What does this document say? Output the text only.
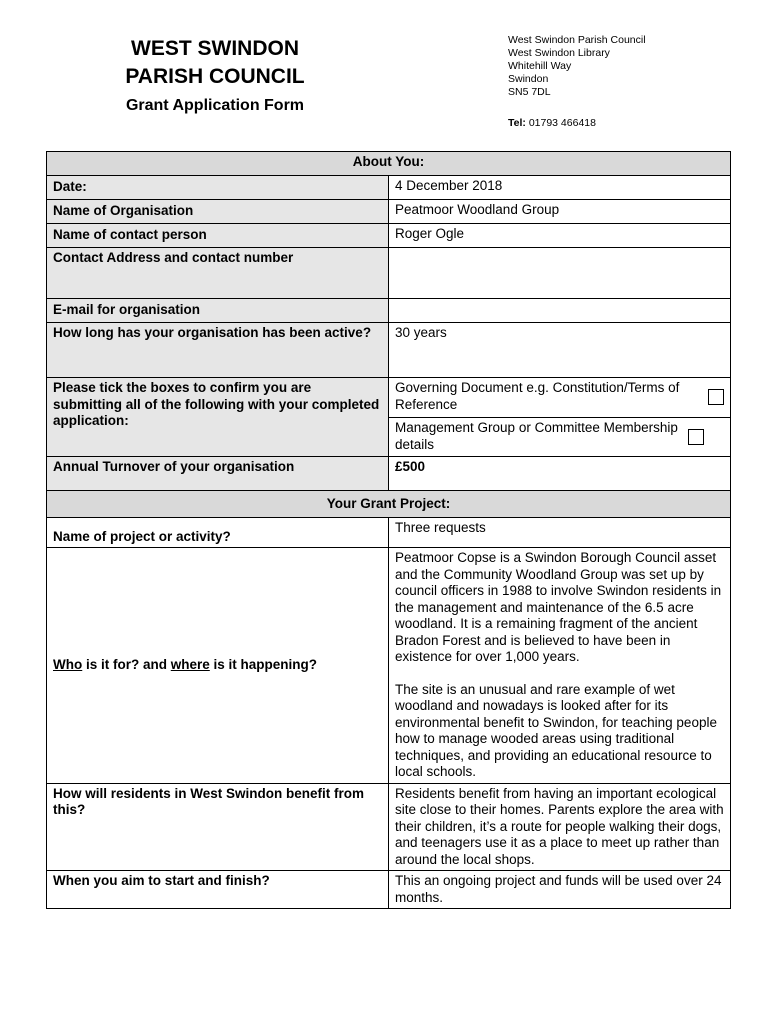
WEST SWINDON
PARISH COUNCIL
Grant Application Form
West Swindon Parish Council
West Swindon Library
Whitehill Way
Swindon
SN5 7DL
Tel: 01793 466418
About You:	
Date:	4 December 2018
Name of Organisation	Peatmoor Woodland Group
Name of contact person	Roger Ogle
Contact Address and contact number	
E-mail for organisation	
How long has your organisation has been active?	30 years
Please tick the boxes to confirm you are submitting all of the following with your completed application:	Governing Document e.g. Constitution/Terms of Reference

	Management Group or Committee Membership details

Annual Turnover of your organisation	£500
Your Grant Project:	
Name of project or activity?	Three requests
Who is it for? and where is it happening?	Peatmoor Copse is a Swindon Borough Council asset and the Community Woodland Group was set up by council officers in 1988 to involve Swindon residents in the management and maintenance of the 6.5 acre woodland. It is a remaining fragment of the ancient Bradon Forest and is believed to have been in existence for over 1,000 years.

The site is an unusual and rare example of wet woodland and nowadays is looked after for its environmental benefit to Swindon, for teaching people how to manage wooded areas using traditional techniques, and providing an educational resource to local schools.

How will residents in West Swindon benefit from this?	Residents benefit from having an important ecological site close to their homes. Parents explore the area with their children, it’s a route for people walking their dogs, and teenagers use it as a place to meet up rather than around the local shops.
When you aim to start and finish?	This an ongoing project and funds will be used over 24 months.
